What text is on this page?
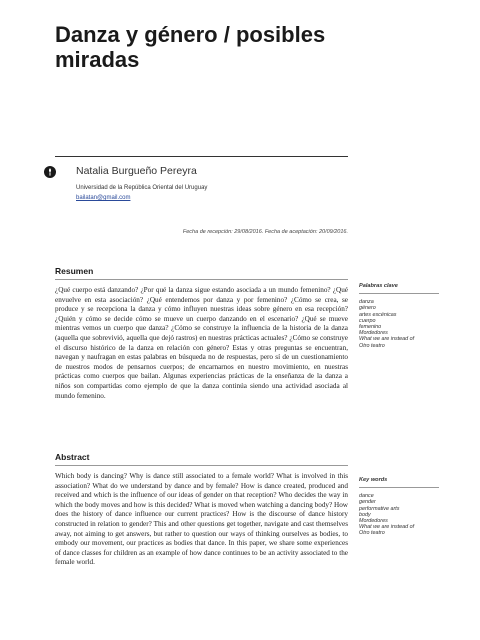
Danza y género / posibles miradas
Natalia Burgueño Pereyra
Universidad de la República Oriental del Uruguay
bailatan@gmail.com
Fecha de recepción: 29/08/2016. Fecha de aceptación: 20/09/2016.
Resumen

¿Qué cuerpo está danzando? ¿Por qué la danza sigue estando asociada a un mundo femenino? ¿Qué envuelve en esta asociación? ¿Qué entendemos por danza y por femenino? ¿Cómo se crea, se produce y se recepciona la danza y cómo influyen nuestras ideas sobre género en esa recepción? ¿Quién y cómo se decide cómo se mueve un cuerpo danzando en el escenario? ¿Qué se mueve mientras vemos un cuerpo que danza? ¿Cómo se construye la influencia de la historia de la danza (aquella que sobrevivió, aquella que dejó rastros) en nuestras prácticas actuales? ¿Cómo se construye el discurso histórico de la danza en relación con género? Estas y otras preguntas se encuentran, navegan y naufragan en estas palabras en búsqueda no de respuestas, pero sí de un cuestionamiento de nuestros modos de pensarnos cuerpos; de encarnarnos en nuestro movimiento, en nuestras prácticas como cuerpos que bailan. Algunas experiencias prácticas de la enseñanza de la danza a niños son compartidas como ejemplo de que la danza continúa siendo una actividad asociada al mundo femenino.

Palabras clave
danza
género
artes escénicas
cuerpo
femenino
Mordedores
What we are instead of
Otro teatro
Abstract

Which body is dancing? Why is dance still associated to a female world? What is involved in this association? What do we understand by dance and by female? How is dance created, produced and received and which is the influence of our ideas of gender on that reception? Who decides the way in which the body moves and how is this decided? What is moved when watching a dancing body? How does the history of dance influence our current practices? How is the discourse of dance history constructed in relation to gender? This and other questions get together, navigate and cast themselves away, not aiming to get answers, but rather to question our ways of thinking ourselves as bodies, to embody our movement, our practices as bodies that dance. In this paper, we share some experiences of dance classes for children as an example of how dance continues to be an activity associated to the female world.

Key words
dance
gender
performative arts
body
Mordedores
What we are instead of
Otro teatro
